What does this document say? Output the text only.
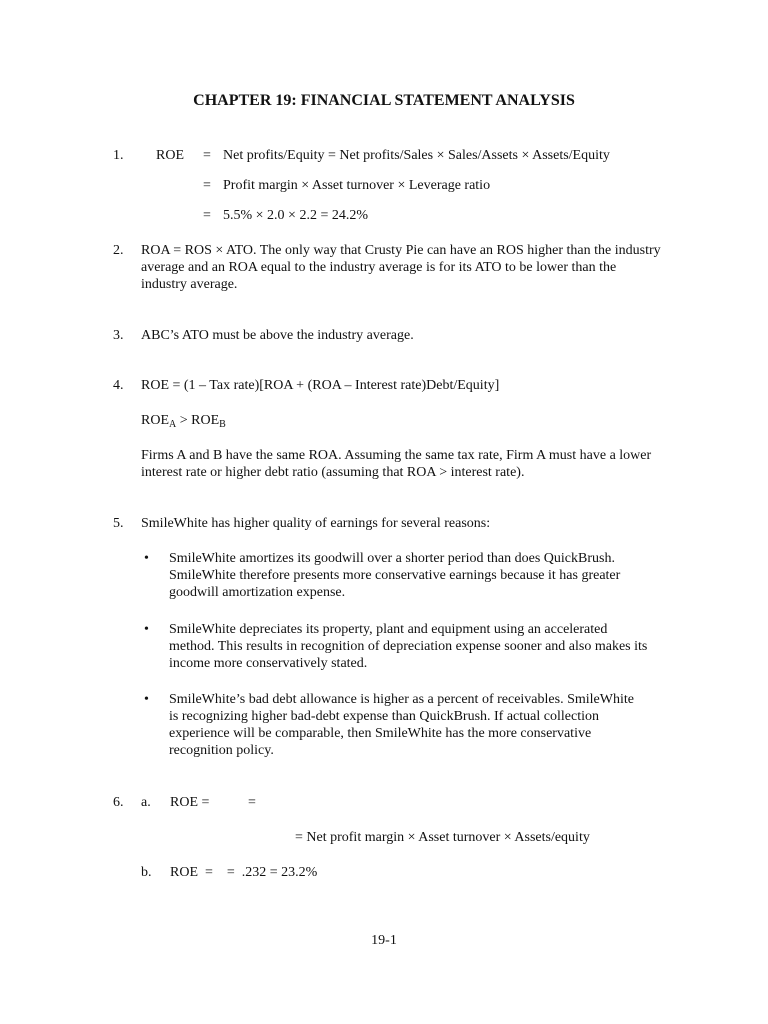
CHAPTER 19: FINANCIAL STATEMENT ANALYSIS
1. ROE = Net profits/Equity = Net profits/Sales × Sales/Assets × Assets/Equity
= Profit margin × Asset turnover × Leverage ratio
= 5.5% × 2.0 × 2.2 = 24.2%
2. ROA = ROS × ATO. The only way that Crusty Pie can have an ROS higher than the industry average and an ROA equal to the industry average is for its ATO to be lower than the industry average.
3. ABC’s ATO must be above the industry average.
4. ROE = (1 – Tax rate)[ROA + (ROA – Interest rate)Debt/Equity]
$ROE_A > ROE_B$
Firms A and B have the same ROA. Assuming the same tax rate, Firm A must have a lower interest rate or higher debt ratio (assuming that ROA > interest rate).
5. SmileWhite has higher quality of earnings for several reasons:
• SmileWhite amortizes its goodwill over a shorter period than does QuickBrush. SmileWhite therefore presents more conservative earnings because it has greater goodwill amortization expense.
• SmileWhite depreciates its property, plant and equipment using an accelerated method. This results in recognition of depreciation expense sooner and also makes its income more conservatively stated.
• SmileWhite’s bad debt allowance is higher as a percent of receivables. SmileWhite is recognizing higher bad-debt expense than QuickBrush. If actual collection experience will be comparable, then SmileWhite has the more conservative recognition policy.
6. a. ROE =	=
= Net profit margin × Asset turnover × Assets/equity
b. ROE  =    =  .232 = 23.2%
19-1
